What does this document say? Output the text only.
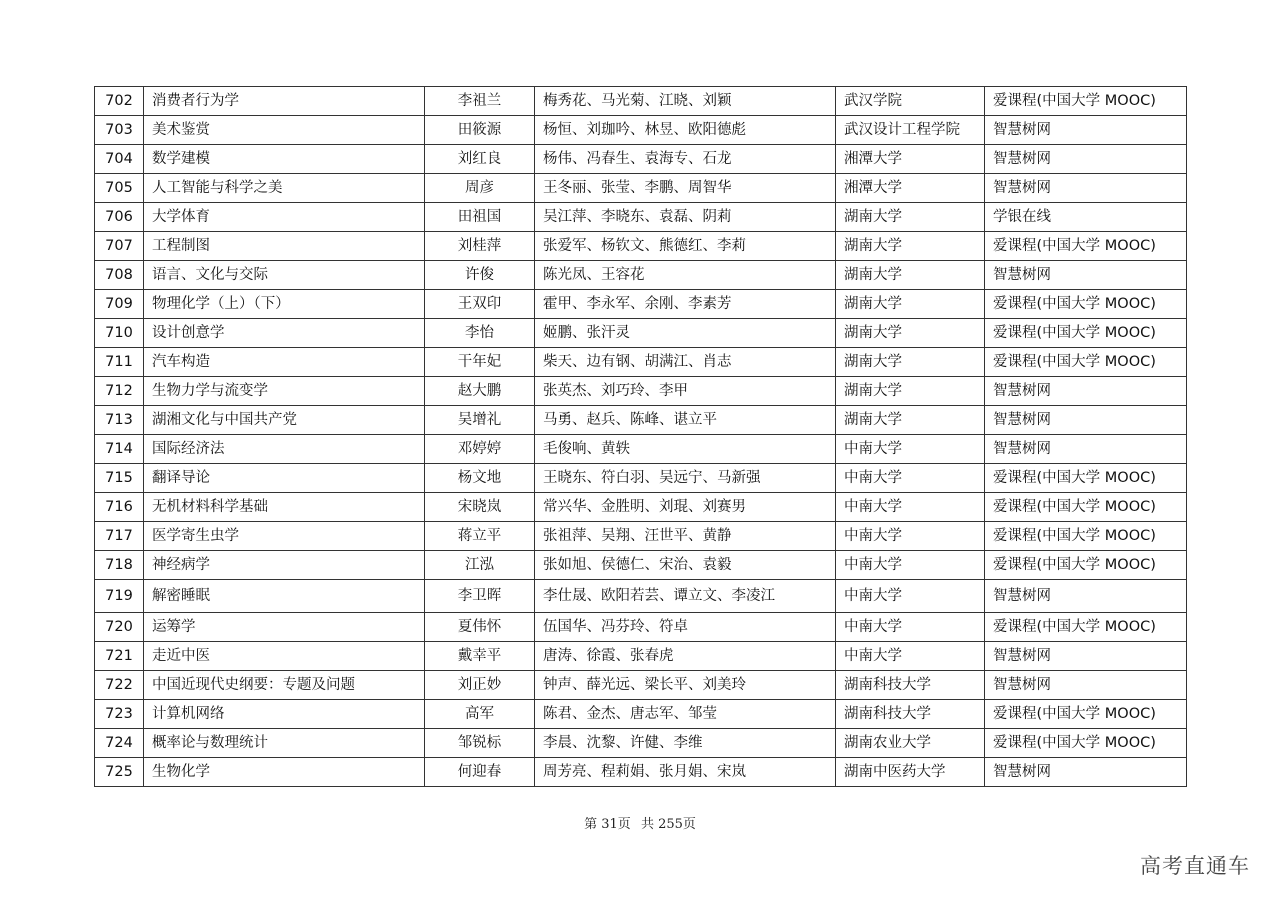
702	消费者行为学	李祖兰	梅秀花、马光菊、江晓、刘颖	武汉学院	爱课程(中国大学 MOOC)
703	美术鉴赏	田筱源	杨恒、刘珈吟、林昱、欧阳德彪	武汉设计工程学院	智慧树网
704	数学建模	刘红良	杨伟、冯春生、袁海专、石龙	湘潭大学	智慧树网
705	人工智能与科学之美	周彦	王冬丽、张莹、李鹏、周智华	湘潭大学	智慧树网
706	大学体育	田祖国	吴江萍、李晓东、袁磊、阴莉	湖南大学	学银在线
707	工程制图	刘桂萍	张爱军、杨钦文、熊德红、李莉	湖南大学	爱课程(中国大学 MOOC)
708	语言、文化与交际	许俊	陈光凤、王容花	湖南大学	智慧树网
709	物理化学（上）（下）	王双印	霍甲、李永军、余刚、李素芳	湖南大学	爱课程(中国大学 MOOC)
710	设计创意学	李怡	姬鹏、张汗灵	湖南大学	爱课程(中国大学 MOOC)
711	汽车构造	干年妃	柴天、边有钢、胡满江、肖志	湖南大学	爱课程(中国大学 MOOC)
712	生物力学与流变学	赵大鹏	张英杰、刘巧玲、李甲	湖南大学	智慧树网
713	湖湘文化与中国共产党	吴增礼	马勇、赵兵、陈峰、谌立平	湖南大学	智慧树网
714	国际经济法	邓婷婷	毛俊响、黄轶	中南大学	智慧树网
715	翻译导论	杨文地	王晓东、符白羽、吴远宁、马新强	中南大学	爱课程(中国大学 MOOC)
716	无机材料科学基础	宋晓岚	常兴华、金胜明、刘琨、刘赛男	中南大学	爱课程(中国大学 MOOC)
717	医学寄生虫学	蒋立平	张祖萍、吴翔、汪世平、黄静	中南大学	爱课程(中国大学 MOOC)
718	神经病学	江泓	张如旭、侯德仁、宋治、袁毅	中南大学	爱课程(中国大学 MOOC)
719	解密睡眠	李卫晖	李仕晟、欧阳若芸、谭立文、李凌江	中南大学	智慧树网
720	运筹学	夏伟怀	伍国华、冯芬玲、符卓	中南大学	爱课程(中国大学 MOOC)
721	走近中医	戴幸平	唐涛、徐霞、张春虎	中南大学	智慧树网
722	中国近现代史纲要：专题及问题	刘正妙	钟声、薛光远、梁长平、刘美玲	湖南科技大学	智慧树网
723	计算机网络	高军	陈君、金杰、唐志军、邹莹	湖南科技大学	爱课程(中国大学 MOOC)
724	概率论与数理统计	邹锐标	李晨、沈黎、许健、李维	湖南农业大学	爱课程(中国大学 MOOC)
725	生物化学	何迎春	周芳亮、程莉娟、张月娟、宋岚	湖南中医药大学	智慧树网
第 31页 共 255页
高考直通车
